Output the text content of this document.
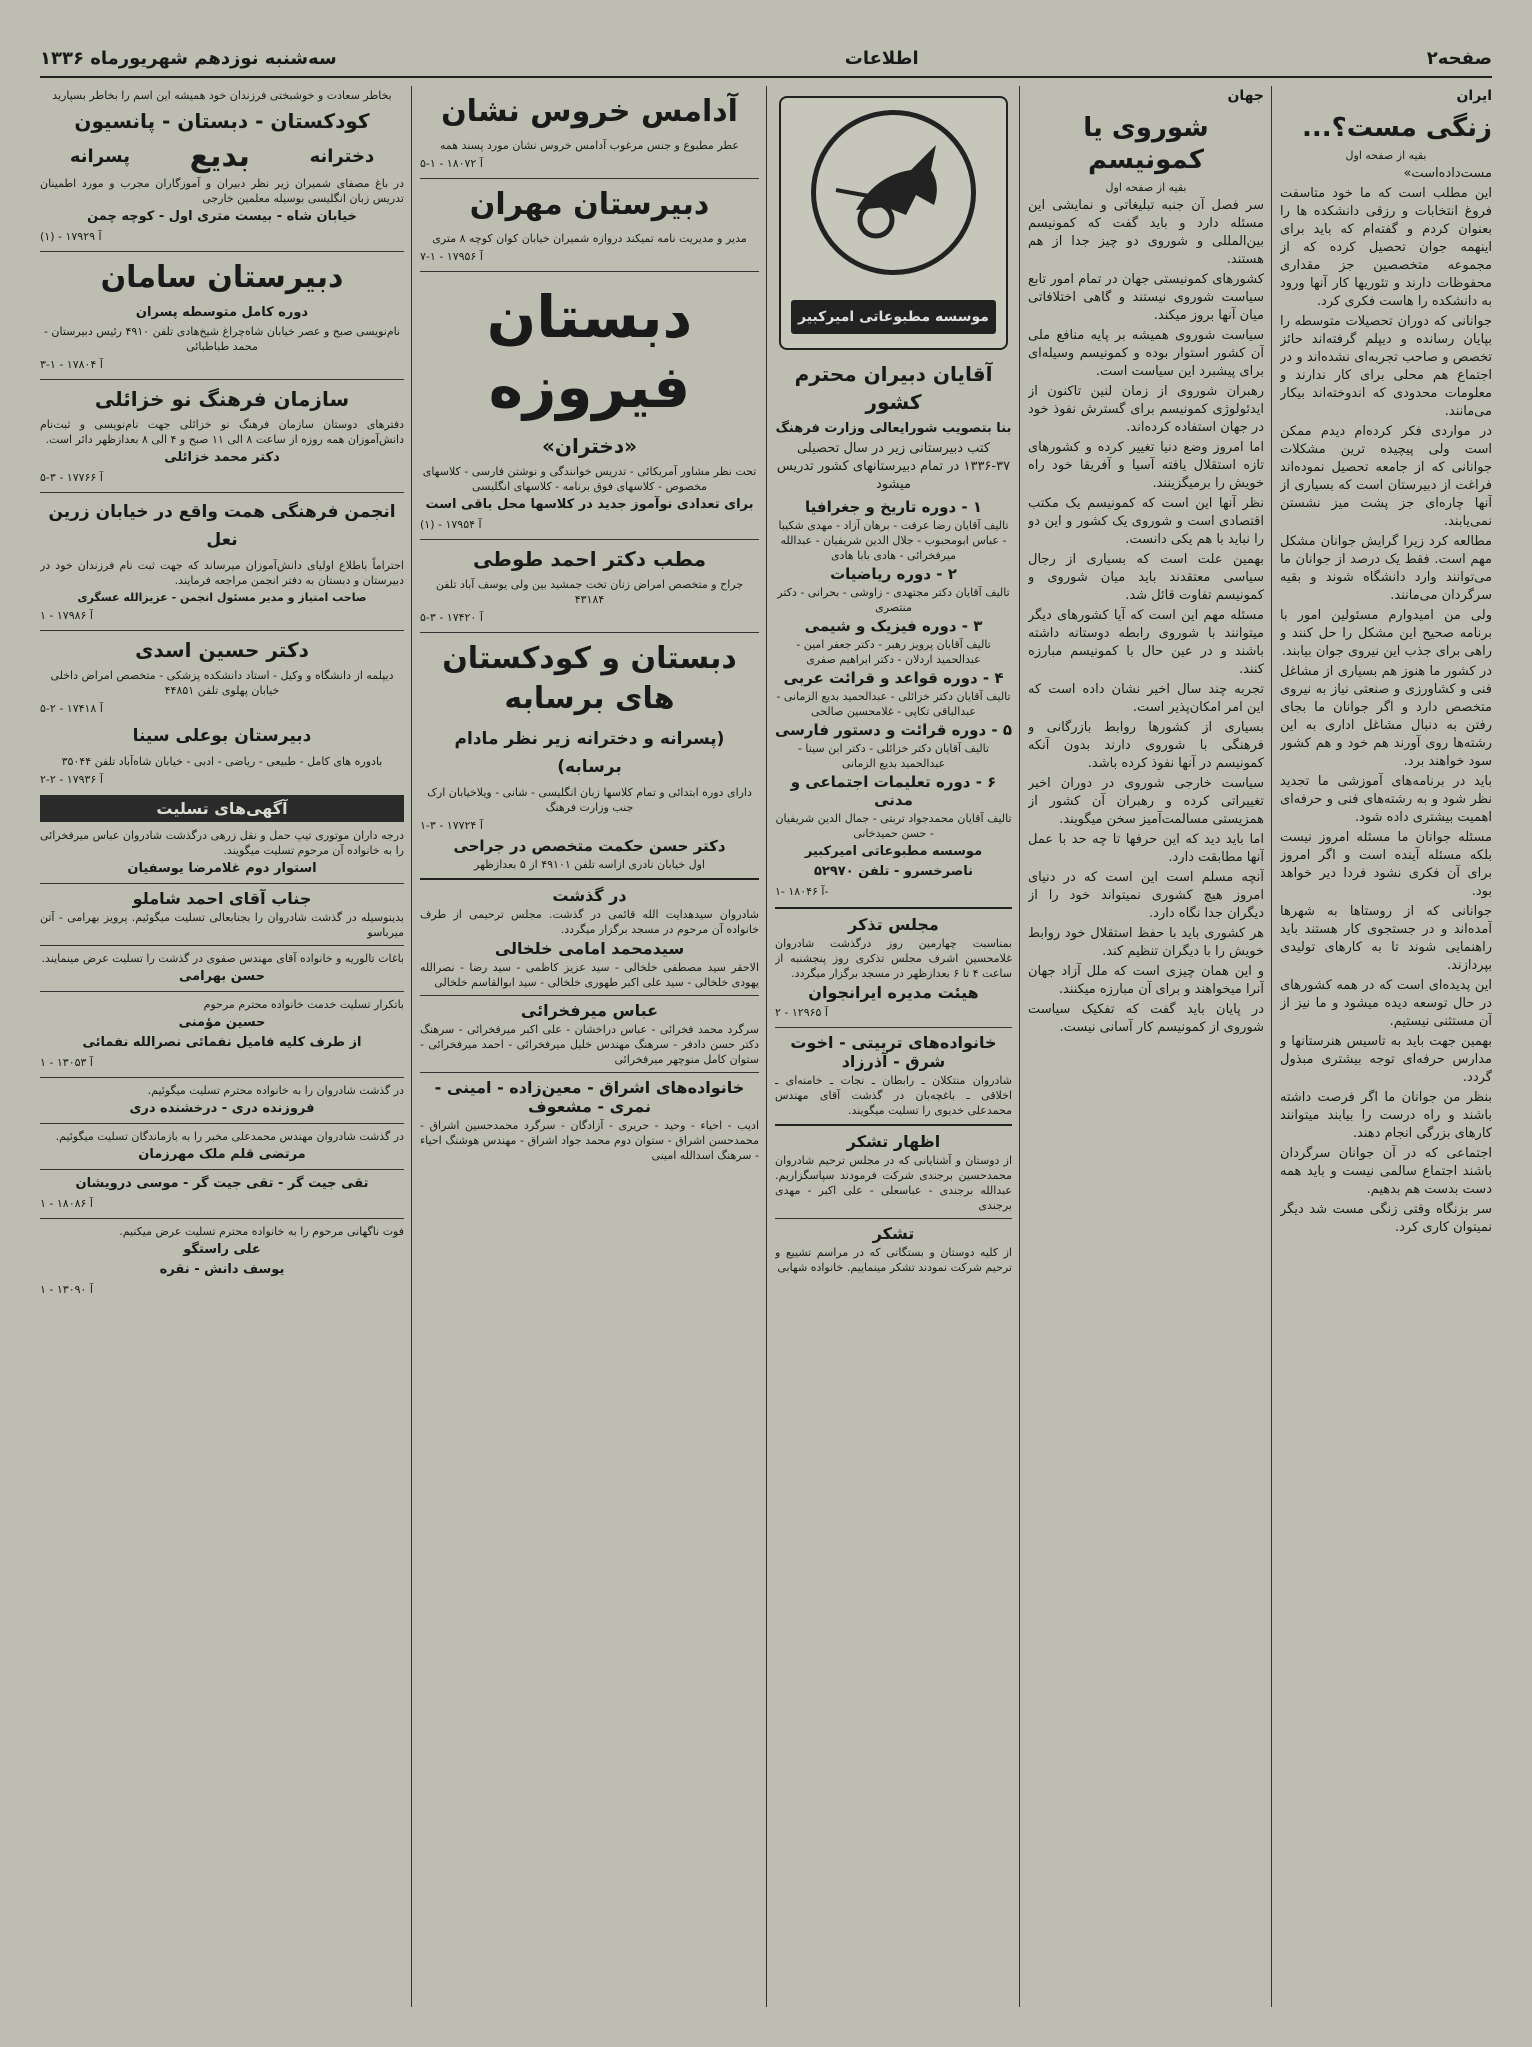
صفحه۲
اطلاعات
سه‌شنبه نوزدهم شهریورماه ۱۳۳۶
ایران
زنگی مست؟...

بقیه از صفحه اول

مست‌داده‌است»

این مطلب است که ما خود متاسفت فروغ انتخابات و رزقی دانشکده‌ ها را بعنوان کردم و گفته‌ام که باید برای اینهمه جوان تحصیل کرده‌ که از مجموعه متخصصین جز مقداری محفوظات دارند و تئوریها کار آنها ورود به دانشکده را هاست فکری کرد.

جوانانی که دوران تحصیلات متوسطه را بپایان رسانده و دیپلم گرفته‌اند حائز تخصص و صاحب تجربه‌ای نشده‌اند و در اجتماع هم محلی برای کار ندارند و معلومات محدودی که اندوخته‌اند بیکار می‌مانند.

در مواردی فکر کرده‌ام دیدم ممکن است ولی پیچیده ترین مشکلات جوانانی که از جامعه تحصیل نموده‌اند فراغت از دبیرستان است که بسیاری از آنها چاره‌ای جز پشت میز نشستن نمی‌یابند.

مطالعه کرد زیرا گرایش جوانان مشکل مهم است. فقط یک درصد از جوانان ما می‌توانند وارد دانشگاه شوند و بقیه سرگردان می‌مانند.

ولی من امیدوارم مسئولین امور با برنامه صحیح این مشکل را حل کنند و راهی برای جذب این نیروی جوان بیابند.

در کشور ما هنوز هم بسیاری از مشاغل فنی و کشاورزی و صنعتی نیاز به نیروی متخصص دارد و اگر جوانان ما بجای رفتن به دنبال مشاغل اداری به این رشته‌ها روی آورند هم خود و هم کشور سود خواهند برد.

باید در برنامه‌های آموزشی ما تجدید نظر شود و به رشته‌های فنی و حرفه‌ای اهمیت بیشتری داده شود.

مسئله جوانان ما مسئله امروز نیست بلکه مسئله آینده است و اگر امروز برای آن فکری نشود فردا دیر خواهد بود.

جوانانی که از روستاها به شهرها آمده‌اند و در جستجوی کار هستند باید راهنمایی شوند تا به کارهای تولیدی بپردازند.

این پدیده‌ای است که در همه کشورهای در حال توسعه دیده میشود و ما نیز از آن مستثنی نیستیم.

بهمین جهت باید به تاسیس هنرستانها و مدارس حرفه‌ای توجه بیشتری مبذول گردد.

بنظر من جوانان ما اگر فرصت داشته باشند و راه درست را بیابند میتوانند کارهای بزرگی انجام دهند.

اجتماعی که در آن جوانان سرگردان باشند اجتماع سالمی نیست و باید همه دست بدست هم بدهیم.

سر بزنگاه وقتی زنگی مست شد دیگر نمیتوان کاری کرد.

جهان
شوروی یا کمونیسم

بقیه از صفحه اول

سر فصل آن جنبه تبلیغاتی و نمایشی این مسئله دارد و باید گفت که کمونیسم بین‌المللی و شوروی دو چیز جدا از هم هستند.

کشورهای کمونیستی جهان در تمام امور تابع سیاست شوروی نیستند و گاهی اختلافاتی میان آنها بروز میکند.

سیاست شوروی همیشه بر پایه منافع ملی آن کشور استوار بوده و کمونیسم وسیله‌ای برای پیشبرد این سیاست است.

رهبران شوروی از زمان لنین تاکنون از ایدئولوژی کمونیسم برای گسترش نفوذ خود در جهان استفاده کرده‌اند.

اما امروز وضع دنیا تغییر کرده و کشورهای تازه استقلال یافته آسیا و آفریقا خود راه خویش را برمیگزینند.

نظر آنها این است که کمونیسم یک مکتب اقتصادی است و شوروی یک کشور و این دو را نباید با هم یکی دانست.

بهمین علت است که بسیاری از رجال سیاسی معتقدند باید میان شوروی و کمونیسم تفاوت قائل شد.

مسئله مهم این است که آیا کشورهای دیگر میتوانند با شوروی رابطه دوستانه داشته باشند و در عین حال با کمونیسم مبارزه کنند.

تجربه چند سال اخیر نشان داده است که این امر امکان‌پذیر است.

بسیاری از کشورها روابط بازرگانی و فرهنگی با شوروی دارند بدون آنکه کمونیسم در آنها نفوذ کرده باشد.

سیاست خارجی شوروی در دوران اخیر تغییراتی کرده و رهبران آن کشور از همزیستی مسالمت‌آمیز سخن میگویند.

اما باید دید که این حرفها تا چه حد با عمل آنها مطابقت دارد.

آنچه مسلم است این است که در دنیای امروز هیچ کشوری نمیتواند خود را از دیگران جدا نگاه دارد.

هر کشوری باید با حفظ استقلال خود روابط خویش را با دیگران تنظیم کند.

و این همان چیزی است که ملل آزاد جهان آنرا میخواهند و برای آن مبارزه میکنند.

در پایان باید گفت که تفکیک سیاست شوروی از کمونیسم کار آسانی نیست.

موسسه مطبوعاتی امیرکبیر
آقایان دبیران محترم کشور

بنا بتصویب شورایعالی وزارت فرهنگ

کتب دبیرستانی زیر در سال تحصیلی ۳۷-۱۳۳۶ در تمام دبیرستانهای کشور تدریس میشود

۱ - دوره تاریخ و جغرافیا

تالیف آقایان رضا عرفت - برهان آزاد - مهدی شکیبا - عباس ابومحبوب - جلال الدین شریفیان - عبدالله میرفخرائی - هادی بابا هادی

۲ - دوره ریاضیات

تالیف آقایان دکتر مجتهدی - زاوشی - بحرانی - دکتر منتصری

۳ - دوره فیزیک و شیمی

تالیف آقایان پرویز رهبر - دکتر جعفر امین - عبدالحمید اردلان - دکتر ابراهیم صفری

۴ - دوره قواعد و قرائت عربی

تالیف آقایان دکتر خزائلی - عبدالحمید بدیع الزمانی - عبدالباقی تکاپی - غلامحسین صالحی

۵ - دوره قرائت و دستور فارسی

تالیف آقایان دکتر خزائلی - دکتر ابن سینا - عبدالحمید بدیع الزمانی

۶ - دوره تعلیمات اجتماعی و مدنی

تالیف آقایان محمدجواد تربتی - جمال الدین شریفیان - حسن حمیدخانی

موسسه مطبوعاتی امیرکبیر

ناصرخسرو - تلفن ۵۲۹۷۰

آ ۱۸۰۴۶ -۱-

مجلس تذکر

بمناسبت چهارمین روز درگذشت شادروان غلامحسین اشرف مجلس تذکری روز پنجشنبه از ساعت ۴ تا ۶ بعدازظهر در مسجد برگزار میگردد.

هیئت مدیره ایرانجوان

آ ۱۲۹۶۵ - ۲

خانواده‌های تربیتی - اخوت شرق - آذرزاد

شادروان منتکلان ـ رابطان ـ نجات ـ خامنه‌ای ـ اخلاقی ـ باغچه‌بان در گذشت آقای مهندس محمدعلی خدیوی را تسلیت میگویند.

اظهار تشکر

از دوستان و آشنایانی که در مجلس ترحیم شادروان محمدحسین برجندی شرکت فرمودند سپاسگزاریم. عبدالله برجندی - عباسعلی - علی اکبر - مهدی برجندی

تشکر

از کلیه دوستان و بستگانی که در مراسم تشییع و ترحیم شرکت نمودند تشکر مینماییم. خانواده شهابی

آدامس خروس نشان

عطر مطبوع و جنس مرغوب آدامس خروس نشان مورد پسند همه

آ ۱۸۰۷۲ - ۱-۵

دبیرستان مهران

مدیر و مدیریت نامه تمیکند دروازه شمیران خیابان کوان کوچه ۸ متری

آ ۱۷۹۵۶ - ۱-۷

دبستان فیروزه
«دختران»

تحت نظر مشاور آمریکائی - تدریس خوانندگی و نوشتن فارسی - کلاسهای مخصوص - کلاسهای فوق برنامه - کلاسهای انگلیسی

برای تعدادی نوآموز جدید در کلاسها محل باقی است

آ ۱۷۹۵۴ - (۱)

مطب دکتر احمد طوطی

جراح و متخصص امراض زنان تخت جمشید بین ولی یوسف آباد تلفن ۴۳۱۸۴

آ ۱۷۴۲۰ - ۳-۵

دبستان و کودکستان های برسابه
(پسرانه و دخترانه زیر نظر مادام برسابه)

دارای دوره ابتدائی و تمام کلاسها زبان انگلیسی - شانی - ویلاخیابان ارک جنب وزارت فرهنگ

آ ۱۷۷۲۴ - ۳-۱

دکتر حسن حکمت متخصص در جراحی

اول خیابان نادری ازاسه تلفن ۴۹۱۰۱ از ۵ بعدازظهر

در گذشت

شادروان سیدهدایت الله قائمی در گذشت. مجلس ترحیمی از طرف خانواده آن مرحوم در مسجد برگزار میگردد.

سیدمحمد امامی خلخالی

الاحقر سید مصطفی خلخالی - سید عزیز کاظمی - سید رضا - نصرالله یهودی خلخالی - سید علی اکبر طهوری خلخالی - سید ابوالقاسم خلخالی

عباس میرفخرائی

سرگرد محمد فخرائی - عباس دراخشان - علی اکبر میرفخرائی - سرهنگ دکتر حسن دادفر - سرهنگ مهندس خلیل میرفخرائی - احمد میرفخرائی - ستوان کامل منوچهر میرفخرائی

خانواده‌های اشراق - معین‌زاده - امینی - نمری - مشعوف

ادیب - احیاء - وحید - حریری - آزادگان - سرگرد محمدحسین اشراق - محمدحسن اشراق - ستوان دوم محمد جواد اشراق - مهندس هوشنگ احیاء - سرهنگ اسدالله امینی

بخاطر سعادت و خوشبختی فرزندان خود همیشه این اسم را بخاطر بسپارید

کودکستان - دبستان - پانسیون
دخترانه
بدیع
پسرانه

در باغ مصفای شمیران زیر نظر دبیران و آموزگاران مجرب و مورد اطمینان تدریس زبان انگلیسی بوسیله معلمین خارجی

خیابان شاه - بیست متری اول - کوچه چمن

آ ۱۷۹۲۹ - (۱)

دبیرستان سامان

دوره کامل متوسطه پسران

نام‌نویسی صبح و عصر خیابان شاه‌چراغ شیخ‌هادی تلفن ۴۹۱۰ رئیس دبیرستان - محمد طباطبائی

آ ۱۷۸۰۴ - ۱-۳

سازمان فرهنگ نو خزائلی

دفترهای دوستان سازمان فرهنگ نو خزائلی جهت نام‌نویسی و ثبت‌نام دانش‌آموزان همه روزه از ساعت ۸ الی ۱۱ صبح و ۴ الی ۸ بعدازظهر دائر است.

دکتر محمد خزائلی

آ ۱۷۷۶۶ - ۳-۵

انجمن فرهنگی همت واقع در خیابان زرین نعل

احتراماً باطلاع اولیای دانش‌آموزان میرساند که جهت ثبت نام فرزندان خود در دبیرستان و دبستان به دفتر انجمن مراجعه فرمایند.

صاحب امتیاز و مدیر مسئول انجمن - عزیزالله عسگری

آ ۱۷۹۸۶ - ۱

دکتر حسین اسدی

دیپلمه از دانشگاه و وکیل - استاد دانشکده پزشکی - متخصص امراض داخلی خیابان پهلوی تلفن ۴۴۸۵۱

آ ۱۷۴۱۸ - ۲-۵

دبیرستان بوعلی سینا

بادوره های کامل - طبیعی - ریاضی - ادبی - خیابان شاه‌آباد تلفن ۳۵۰۴۴

آ ۱۷۹۳۶ - ۲-۲

آگهی‌های تسلیت

درجه داران موتوری تیپ حمل و نقل زرهی درگذشت شادروان عباس میرفخرائی را به خانواده آن مرحوم تسلیت میگویند.

استوار دوم غلامرضا یوسفیان

جناب آقای احمد شاملو

بدینوسیله در گذشت شادروان را بجنابعالی تسلیت میگوئیم. پرویز بهرامی - آتن میرباسو

باغات تالوریه و خانواده آقای مهندس صفوی در گذشت را تسلیت عرض مینمایند.

حسن بهرامی

باتکرار تسلیت خدمت خانواده محترم مرحوم

حسین مؤمنی

از طرف کلیه فامیل نفمائی نصرالله نفمائی

آ ۱۳۰۵۳ - ۱

در گذشت شادروان را به خانواده محترم تسلیت میگوئیم.

فروزنده دری - درخشنده دری

در گذشت شادروان مهندس محمدعلی مخبر را به بازماندگان تسلیت میگوئیم.

مرتضی قلم ملک مهرزمان

تقی جیت گر - تقی جیت گر - موسی درویشان

آ ۱۸۰۸۶ - ۱

فوت ناگهانی مرحوم را به خانواده محترم تسلیت عرض میکنیم.

علی راستگو

یوسف دانش - نقره

آ ۱۳۰۹۰ - ۱
